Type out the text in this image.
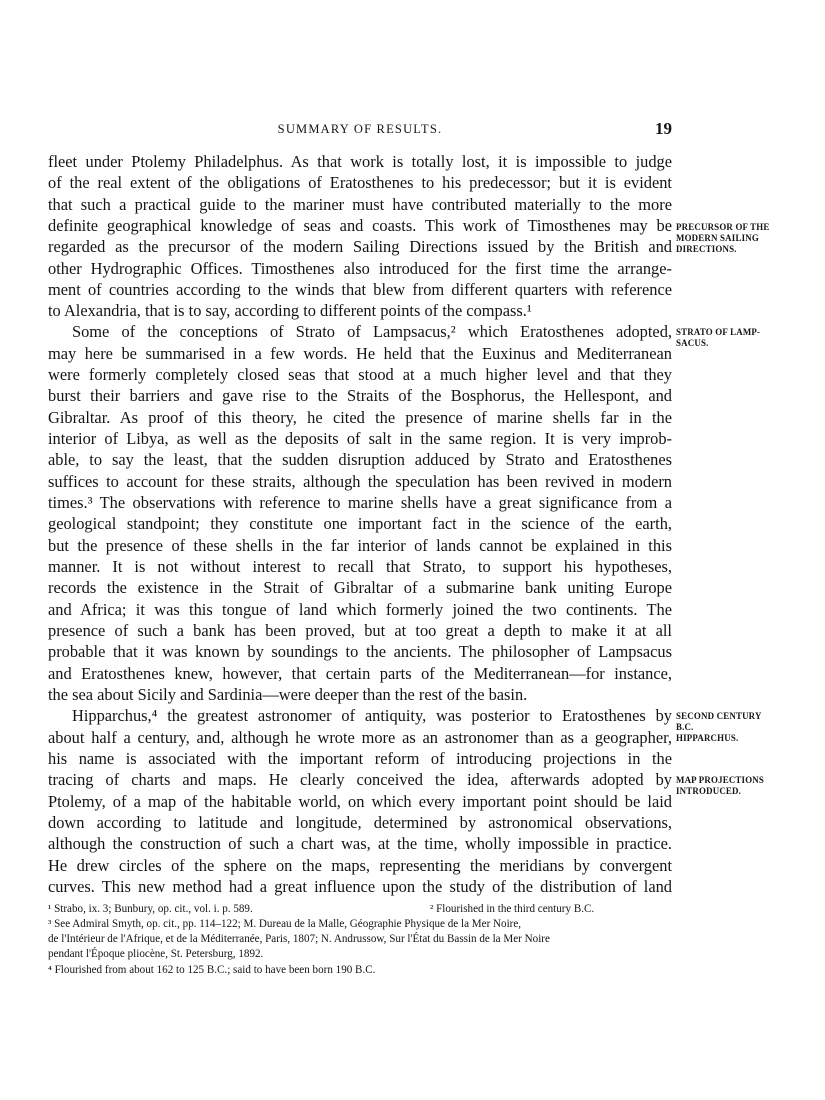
SUMMARY OF RESULTS.	19
fleet under Ptolemy Philadelphus. As that work is totally lost, it is impossible to judge
of the real extent of the obligations of Eratosthenes to his predecessor; but it is evident
that such a practical guide to the mariner must have contributed materially to the more
definite geographical knowledge of seas and coasts. This work of Timosthenes may be
regarded as the precursor of the modern Sailing Directions issued by the British and
other Hydrographic Offices. Timosthenes also introduced for the first time the arrange-
ment of countries according to the winds that blew from different quarters with reference
to Alexandria, that is to say, according to different points of the compass.¹
Some of the conceptions of Strato of Lampsacus,² which Eratosthenes adopted,
may here be summarised in a few words. He held that the Euxinus and Mediterranean
were formerly completely closed seas that stood at a much higher level and that they
burst their barriers and gave rise to the Straits of the Bosphorus, the Hellespont, and
Gibraltar. As proof of this theory, he cited the presence of marine shells far in the
interior of Libya, as well as the deposits of salt in the same region. It is very improb-
able, to say the least, that the sudden disruption adduced by Strato and Eratosthenes
suffices to account for these straits, although the speculation has been revived in modern
times.³ The observations with reference to marine shells have a great significance from a
geological standpoint; they constitute one important fact in the science of the earth,
but the presence of these shells in the far interior of lands cannot be explained in this
manner. It is not without interest to recall that Strato, to support his hypotheses,
records the existence in the Strait of Gibraltar of a submarine bank uniting Europe
and Africa; it was this tongue of land which formerly joined the two continents. The
presence of such a bank has been proved, but at too great a depth to make it at all
probable that it was known by soundings to the ancients. The philosopher of Lampsacus
and Eratosthenes knew, however, that certain parts of the Mediterranean—for instance,
the sea about Sicily and Sardinia—were deeper than the rest of the basin.
Hipparchus,⁴ the greatest astronomer of antiquity, was posterior to Eratosthenes by
about half a century, and, although he wrote more as an astronomer than as a geographer,
his name is associated with the important reform of introducing projections in the
tracing of charts and maps. He clearly conceived the idea, afterwards adopted by
Ptolemy, of a map of the habitable world, on which every important point should be laid
down according to latitude and longitude, determined by astronomical observations,
although the construction of such a chart was, at the time, wholly impossible in practice.
He drew circles of the sphere on the maps, representing the meridians by convergent
curves. This new method had a great influence upon the study of the distribution of land
PRECURSOR OF THE
MODERN SAILING
DIRECTIONS.
STRATO OF LAMP-
SACUS.
SECOND CENTURY
B.C.
HIPPARCHUS.
MAP PROJECTIONS
INTRODUCED.
¹ Strabo, ix. 3; Bunbury, op. cit., vol. i. p. 589.	² Flourished in the third century B.C.
³ See Admiral Smyth, op. cit., pp. 114–122; M. Dureau de la Malle, Géographie Physique de la Mer Noire,
de l'Intérieur de l'Afrique, et de la Méditerranée, Paris, 1807; N. Andrussow, Sur l'État du Bassin de la Mer Noire
pendant l'Époque pliocène, St. Petersburg, 1892.
⁴ Flourished from about 162 to 125 B.C.; said to have been born 190 B.C.
